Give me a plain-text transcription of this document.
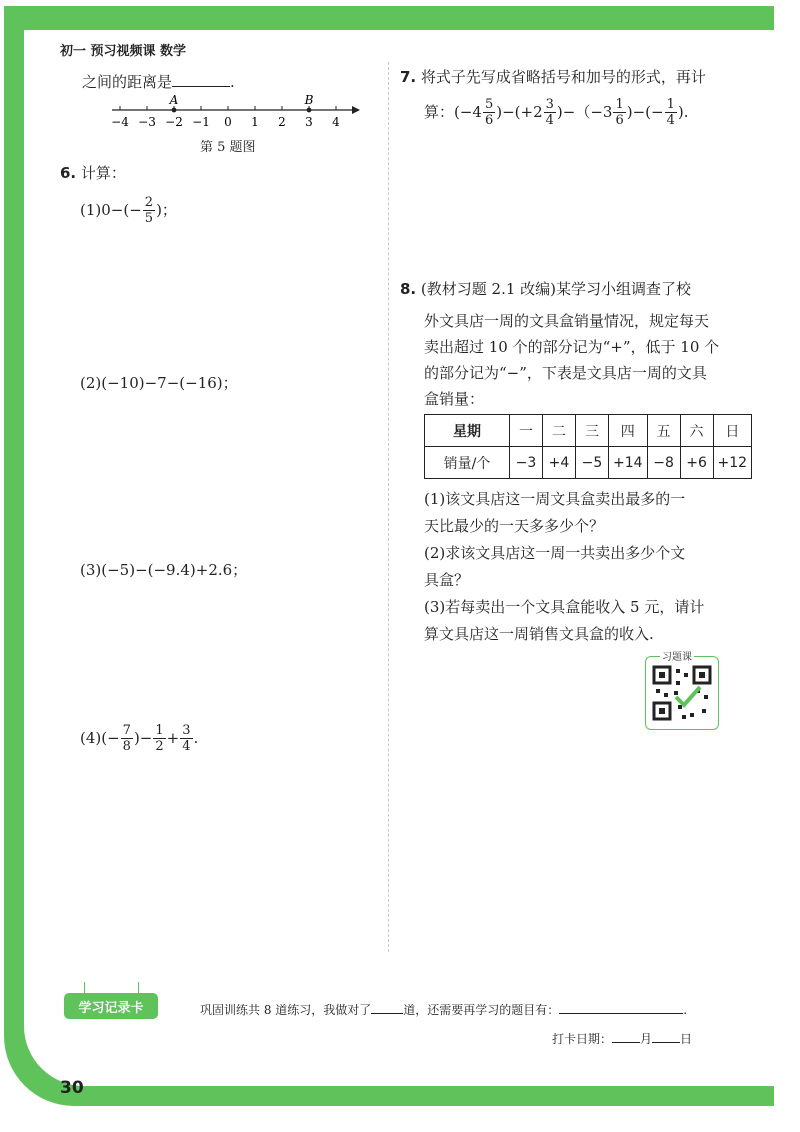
初一 预习视频课 数学
之间的距离是	.
−4 −3 −2 −1 0 1 2 3 4
A	B
第 5 题图
6. 计算：
$(1)0-(- \frac{2}{5}$ )；
(2)(−10)−7−(−16)；
(3)(−5)−(−9.4)+2.6；
$(4)(- \frac{7}{8}$ )− $\frac{1}{2} + \frac{3}{4}$ .
7. 将式子先写成省略括号和加号的形式，再计
算：$(-4 \frac{5}{6} )-(+2 \frac{3}{4} )-(-3 \frac{1}{6}$ )−(− $\frac{1}{4}$ ).
8. (教材习题 2.1 改编)某学习小组调查了校
外文具店一周的文具盒销量情况，规定每天
卖出超过 10 个的部分记为“+”，低于 10 个
的部分记为“−”，下表是文具店一周的文具
盒销量：
星期	一	二	三	四	五	六	日
销量/个	−3	+4	−5	+14	−8	+6	+12
(1)该文具店这一周文具盒卖出最多的一
天比最少的一天多多少个？
(2)求该文具店这一周一共卖出多少个文
具盒？
(3)若每卖出一个文具盒能收入 5 元，请计
算文具店这一周销售文具盒的收入.
习题课
学习记录卡	巩固训练共 8 道练习，我做对了	道，还需要再学习的题目有：	.
打卡日期： 月 日
30
